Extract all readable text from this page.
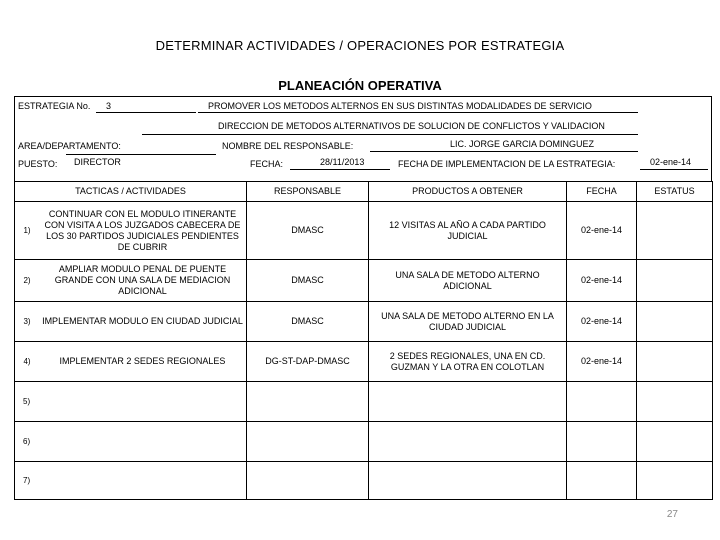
DETERMINAR ACTIVIDADES / OPERACIONES POR ESTRATEGIA
PLANEACIÓN OPERATIVA
ESTRATEGIA No. 3	PROMOVER LOS METODOS ALTERNOS EN SUS DISTINTAS MODALIDADES DE SERVICIO
DIRECCION DE METODOS ALTERNATIVOS DE SOLUCION DE CONFLICTOS Y VALIDACION
AREA/DEPARTAMENTO:	NOMBRE DEL RESPONSABLE:	LIC. JORGE GARCIA DOMINGUEZ
PUESTO: DIRECTOR	FECHA:	28/11/2013	FECHA DE IMPLEMENTACION DE LA ESTRATEGIA:	02-ene-14
TACTICAS / ACTIVIDADES	RESPONSABLE	PRODUCTOS A OBTENER	FECHA	ESTATUS

1)
CONTINUAR CON EL MODULO ITINERANTE CON VISITA A LOS JUZGADOS CABECERA DE LOS 30 PARTIDOS JUDICIALES PENDIENTES DE CUBRIR	DMASC	12 VISITAS AL AÑO A CADA PARTIDO JUDICIAL	02-ene-14	

2)
AMPLIAR MODULO PENAL DE PUENTE GRANDE CON UNA SALA DE MEDIACION ADICIONAL	DMASC	UNA SALA DE METODO ALTERNO ADICIONAL	02-ene-14	

3) IMPLEMENTAR MODULO EN CIUDAD JUDICIAL	DMASC	UNA SALA DE METODO ALTERNO EN LA CIUDAD JUDICIAL	02-ene-14	

4) IMPLEMENTAR 2 SEDES REGIONALES	DG-ST-DAP-DMASC	2 SEDES REGIONALES, UNA EN CD. GUZMAN Y LA OTRA EN COLOTLAN	02-ene-14	
5)				
6)				
7)				
27
